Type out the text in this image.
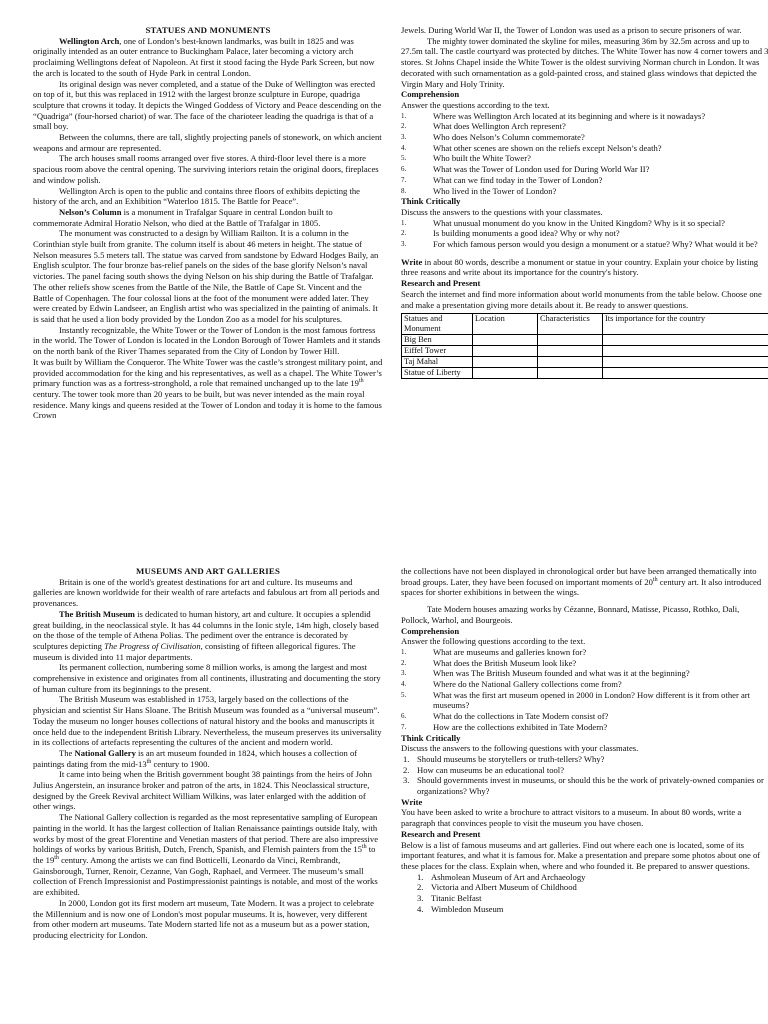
STATUES AND MONUMENTS

Wellington Arch, one of London’s best-known landmarks, was built in 1825 and was originally intended as an outer entrance to Buckingham Palace, later becoming a victory arch proclaiming Wellingtons defeat of Napoleon. At first it stood facing the Hyde Park Screen, but now the arch is located to the south of Hyde Park in central London.

Its original design was never completed, and a statue of the Duke of Wellington was erected on top of it, but this was replaced in 1912 with the largest bronze sculpture in Europe, quadriga sculpture that crowns it today. It depicts the Winged Goddess of Victory and Peace descending on the “Quadriga” (four-horsed chariot) of war. The face of the charioteer leading the quadriga is that of a small boy.

Between the columns, there are tall, slightly projecting panels of stonework, on which ancient weapons and armour are represented.

The arch houses small rooms arranged over five stores. A third-floor level there is a more spacious room above the central opening. The surviving interiors retain the original doors, fireplaces and window polish.

Wellington Arch is open to the public and contains three floors of exhibits depicting the history of the arch, and an Exhibition “Waterloo 1815. The Battle for Peace”.

Nelson’s Column is a monument in Trafalgar Square in central London built to commemorate Admiral Horatio Nelson, who died at the Battle of Trafalgar in 1805.

The monument was constructed to a design by William Railton. It is a column in the Corinthian style built from granite. The column itself is about 46 meters in height. The statue of Nelson measures 5.5 meters tall. The statue was carved from sandstone by Edward Hodges Baily, an English sculptor. The four bronze bas-relief panels on the sides of the base glorify Nelson’s naval victories. The panel facing south shows the dying Nelson on his ship during the Battle of Trafalgar. The other reliefs show scenes from the Battle of the Nile, the Battle of Cape St. Vincent and the Battle of Copenhagen. The four colossal lions at the foot of the monument were added later. They were created by Edwin Landseer, an English artist who was specialized in the painting of animals. It is said that he used a lion body provided by the London Zoo as a model for his sculptures.

Instantly recognizable, the White Tower or the Tower of London is the most famous fortress in the world. The Tower of London is located in the London Borough of Tower Hamlets and it stands on the north bank of the River Thames separated from the City of London by Tower Hill.

It was built by William the Conqueror. The White Tower was the castle’s strongest military point, and provided accommodation for the king and his representatives, as well as a chapel. The White Tower’s primary function was as a fortress-stronghold, a role that remained unchanged up to the late 19th century. The tower took more than 20 years to be built, but was never intended as the main royal residence. Many kings and queens resided at the Tower of London and today it is home to the famous Crown

Jewels. During World War II, the Tower of London was used as a prison to secure prisoners of war.

The mighty tower dominated the skyline for miles, measuring 36m by 32.5m across and up to 27.5m tall. The castle courtyard was protected by ditches. The White Tower has now 4 corner towers and 3 stores. St Johns Chapel inside the White Tower is the oldest surviving Norman church in London. It was decorated with such ornamentation as a gold-painted cross, and stained glass windows that depicted the Virgin Mary and Holy Trinity.

Comprehension

Answer the questions according to the text.

1.	Where was Wellington Arch located at its beginning and where is it nowadays?
2.	What does Wellington Arch represent?
3.	Who does Nelson’s Column commemorate?
4.	What other scenes are shown on the reliefs except Nelson’s death?
5.	Who built the White Tower?
6.	What was the Tower of London used for During World War II?
7.	What can we find today in the Tower of London?
8.	Who lived in the Tower of London?

Think Critically

Discuss the answers to the questions with your classmates.

1.	What unusual monument do you know in the United Kingdom? Why is it so special?
2.	Is building monuments a good idea? Why or why not?
3.	For which famous person would you design a monument or a statue? Why? What would it be?

Write in about 80 words, describe a monument or statue in your country. Explain your choice by listing three reasons and write about its importance for the country's history.

Research and Present

Search the internet and find more information about world monuments from the table below. Choose one and make a presentation giving more details about it. Be ready to answer questions.

Statues and Monument	Location	Characteristics	Its importance for the country
Big Ben			
Eiffel Tower			
Taj Mahal			
Statue of Liberty			

MUSEUMS AND ART GALLERIES

Britain is one of the world's greatest destinations for art and culture. Its museums and galleries are known worldwide for their wealth of rare artefacts and fabulous art from all periods and provenances.

The British Museum is dedicated to human history, art and culture. It occupies a splendid great building, in the neoclassical style. It has 44 columns in the Ionic style, 14m high, closely based on the those of the temple of Athena Polias. The pediment over the entrance is decorated by sculptures depicting The Progress of Civilisation, consisting of fifteen allegorical figures. The museum is divided into 11 major departments.

Its permanent collection, numbering some 8 million works, is among the largest and most comprehensive in existence and originates from all continents, illustrating and documenting the story of human culture from its beginnings to the present.

The British Museum was established in 1753, largely based on the collections of the physician and scientist Sir Hans Sloane. The British Museum was founded as a “universal museum”. Today the museum no longer houses collections of natural history and the books and manuscripts it once held due to the independent British Library. Nevertheless, the museum preserves its universality in its collections of artefacts representing the cultures of the ancient and modern world.

The National Gallery is an art museum founded in 1824, which houses a collection of paintings dating from the mid-13th century to 1900.

It came into being when the British government bought 38 paintings from the heirs of John Julius Angerstein, an insurance broker and patron of the arts, in 1824. This Neoclassical structure, designed by the Greek Revival architect William Wilkins, was later enlarged with the addition of other wings.

The National Gallery collection is regarded as the most representative sampling of European painting in the world. It has the largest collection of Italian Renaissance paintings outside Italy, with works by most of the great Florentine and Venetian masters of that period. There are also impressive holdings of works by various British, Dutch, French, Spanish, and Flemish painters from the 15th to the 19th century. Among the artists we can find Botticelli, Leonardo da Vinci, Rembrandt, Gainsborough, Turner, Renoir, Cezanne, Van Gogh, Raphael, and Vermeer. The museum’s small collection of French Impressionist and Postimpressionist paintings is notable, and most of the works are exhibited.

In 2000, London got its first modern art museum, Tate Modern. It was a project to celebrate the Millennium and is now one of London's most popular museums. It is, however, very different from other modern art museums. Tate Modern started life not as a museum but as a power station, producing electricity for London.

the collections have not been displayed in chronological order but have been arranged thematically into broad groups. Later, they have been focused on important moments of 20th century art. It also introduced spaces for shorter exhibitions in between the wings.

Tate Modern houses amazing works by Cézanne, Bonnard, Matisse, Picasso, Rothko, Dali, Pollock, Warhol, and Bourgeois.

Comprehension

Answer the following questions according to the text.

1.	What are museums and galleries known for?
2.	What does the British Museum look like?
3.	When was The British Museum founded and what was it at the beginning?
4.	Where do the National Gallery collections come from?
5.	What was the first art museum opened in 2000 in London? How different is it from other art museums?
6.	What do the collections in Tate Modern consist of?
7.	How are the collections exhibited in Tate Modern?

Think Critically

Discuss the answers to the following questions with your classmates.

1. Should museums be storytellers or truth-tellers? Why?
2. How can museums be an educational tool?
3. Should governments invest in museums, or should this be the work of privately-owned companies or organizations? Why?

Write

You have been asked to write a brochure to attract visitors to a museum. In about 80 words, write a paragraph that convinces people to visit the museum you have chosen.

Research and Present

Below is a list of famous museums and art galleries. Find out where each one is located, some of its important features, and what it is famous for. Make a presentation and prepare some photos about one of these places for the class. Explain when, where and who founded it. Be prepared to answer questions.

1. Ashmolean Museum of Art and Archaeology
2. Victoria and Albert Museum of Childhood
3. Titanic Belfast
4. Wimbledon Museum
